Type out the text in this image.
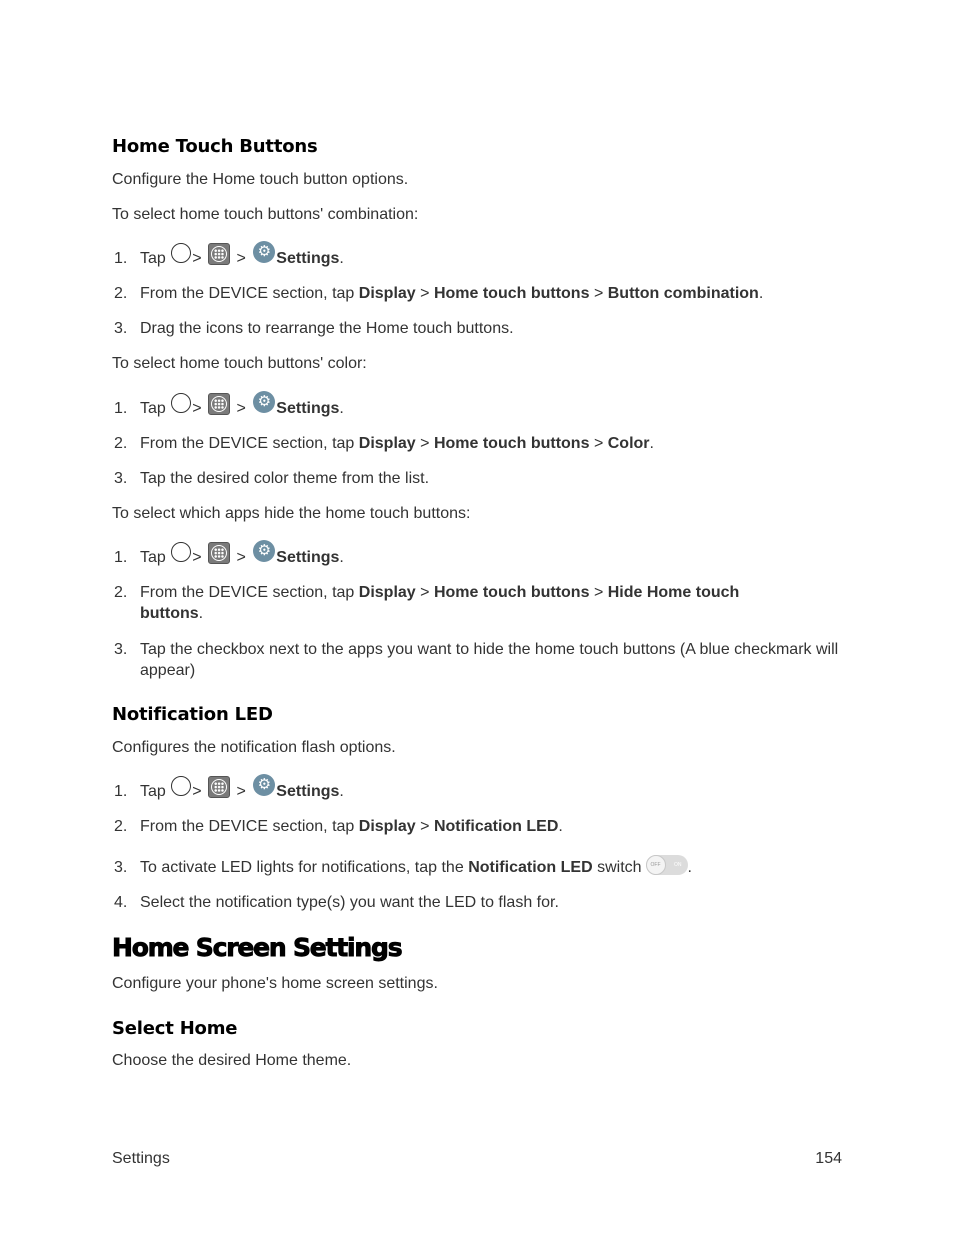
Home Touch Buttons

Configure the Home touch button options.

To select home touch buttons' combination:

1. Tap > > ⚙ Settings.
2. From the DEVICE section, tap Display > Home touch buttons > Button combination.
3. Drag the icons to rearrange the Home touch buttons.

To select home touch buttons' color:

1. Tap > > ⚙ Settings.
2. From the DEVICE section, tap Display > Home touch buttons > Color.
3. Tap the desired color theme from the list.

To select which apps hide the home touch buttons:

1. Tap > > ⚙ Settings.
2. From the DEVICE section, tap Display > Home touch buttons > Hide Home touch
buttons.
3. Tap the checkbox next to the apps you want to hide the home touch buttons (A blue checkmark will appear)
Notification LED

Configures the notification flash options.

1. Tap > > ⚙ Settings.
2. From the DEVICE section, tap Display > Notification LED.
3. To activate LED lights for notifications, tap the Notification LED switch	OFF	ON .
4. Select the notification type(s) you want the LED to flash for.
Home Screen Settings

Configure your phone's home screen settings.

Select Home

Choose the desired Home theme.

Settings	154
